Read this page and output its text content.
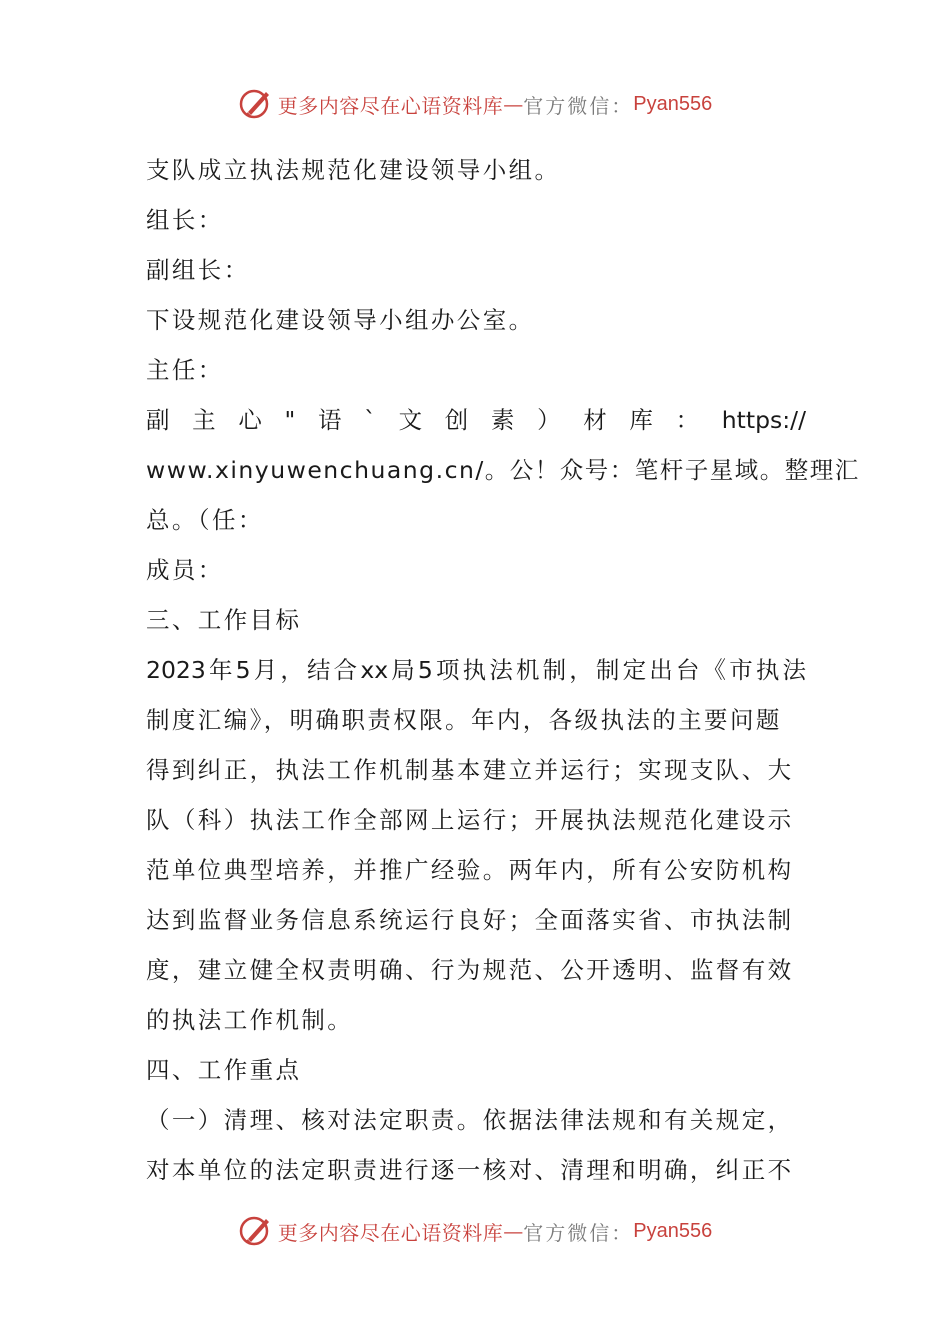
更多内容尽在心语资料库 — 官方微信： Pyan556
支队成立执法规范化建设领导小组。
组长：
副组长：
下设规范化建设领导小组办公室。
主任：
副主心"语`文创素）材库：https://
www.xinyuwenchuang.cn/。公！众号：笔杆子星域。整理汇
总。（任：
成员：
三、工作目标
2023年5月，结合xx局5项执法机制，制定出台《市执法
制度汇编》，明确职责权限。年内，各级执法的主要问题
得到纠正，执法工作机制基本建立并运行；实现支队、大
队（科）执法工作全部网上运行；开展执法规范化建设示
范单位典型培养，并推广经验。两年内，所有公安防机构
达到监督业务信息系统运行良好；全面落实省、市执法制
度，建立健全权责明确、行为规范、公开透明、监督有效
的执法工作机制。
四、工作重点
（一）清理、核对法定职责。依据法律法规和有关规定，
对本单位的法定职责进行逐一核对、清理和明确，纠正不
更多内容尽在心语资料库 — 官方微信： Pyan556
